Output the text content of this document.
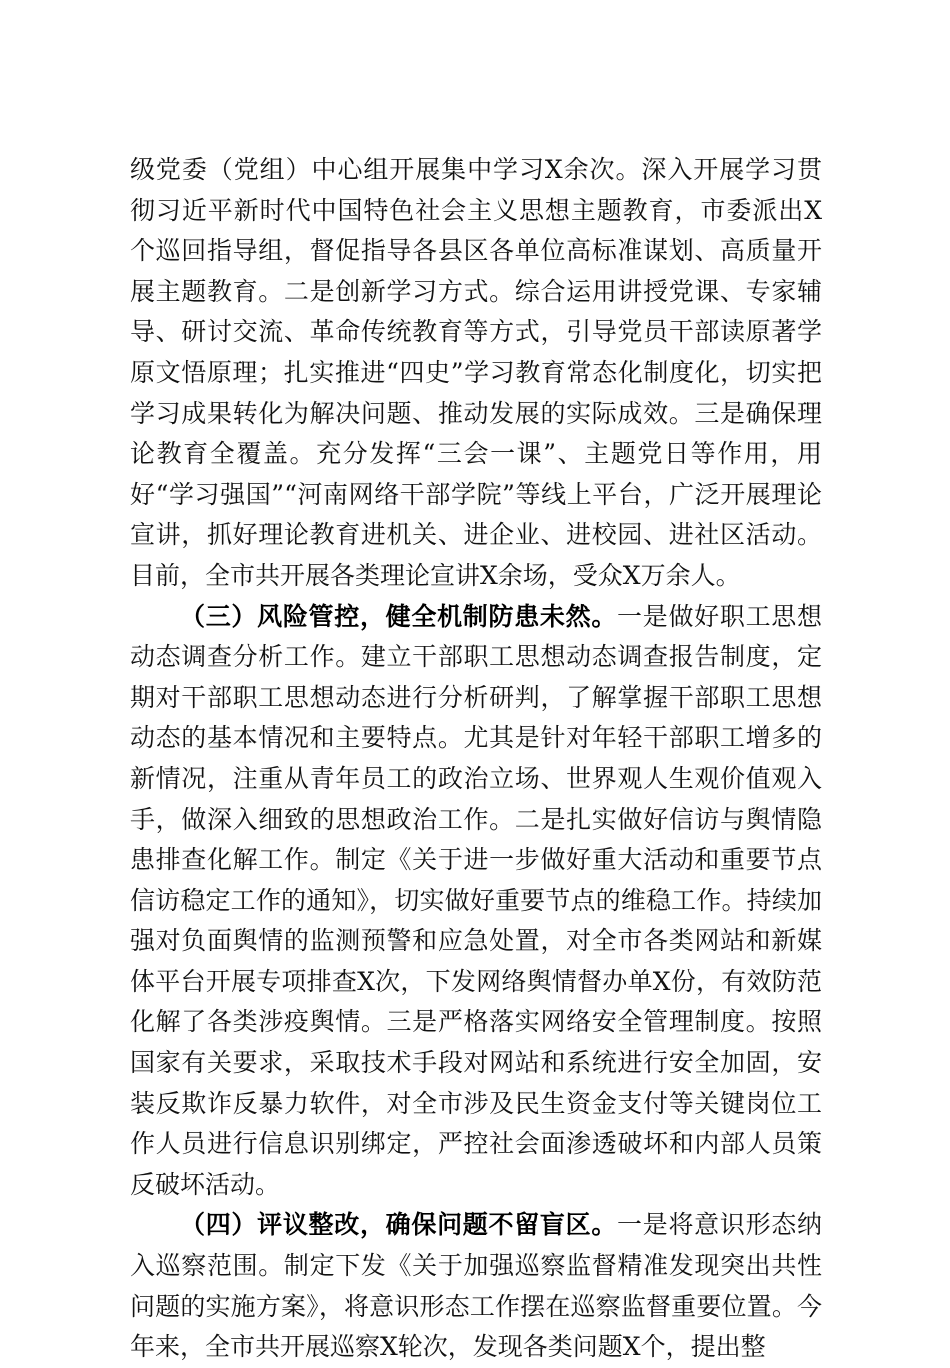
级党委（党组）中心组开展集中学习X余次。深入开展学习贯彻习近平新时代中国特色社会主义思想主题教育，市委派出X个巡回指导组，督促指导各县区各单位高标准谋划、高质量开展主题教育。二是创新学习方式。综合运用讲授党课、专家辅导、研讨交流、革命传统教育等方式，引导党员干部读原著学原文悟原理；扎实推进“四史”学习教育常态化制度化，切实把学习成果转化为解决问题、推动发展的实际成效。三是确保理论教育全覆盖。充分发挥“三会一课”、主题党日等作用，用好“学习强国”“河南网络干部学院”等线上平台，广泛开展理论宣讲，抓好理论教育进机关、进企业、进校园、进社区活动。目前，全市共开展各类理论宣讲X余场，受众X万余人。

（三）风险管控，健全机制防患未然。一是做好职工思想动态调查分析工作。建立干部职工思想动态调查报告制度，定期对干部职工思想动态进行分析研判，了解掌握干部职工思想动态的基本情况和主要特点。尤其是针对年轻干部职工增多的新情况，注重从青年员工的政治立场、世界观人生观价值观入手，做深入细致的思想政治工作。二是扎实做好信访与舆情隐患排查化解工作。制定《关于进一步做好重大活动和重要节点信访稳定工作的通知》，切实做好重要节点的维稳工作。持续加强对负面舆情的监测预警和应急处置，对全市各类网站和新媒体平台开展专项排查X次，下发网络舆情督办单X份，有效防范化解了各类涉疫舆情。三是严格落实网络安全管理制度。按照国家有关要求，采取技术手段对网站和系统进行安全加固，安装反欺诈反暴力软件，对全市涉及民生资金支付等关键岗位工作人员进行信息识别绑定，严控社会面渗透破坏和内部人员策反破坏活动。

（四）评议整改，确保问题不留盲区。一是将意识形态纳入巡察范围。制定下发《关于加强巡察监督精准发现突出共性问题的实施方案》，将意识形态工作摆在巡察监督重要位置。今年来，全市共开展巡察X轮次，发现各类问题X个，提出整
